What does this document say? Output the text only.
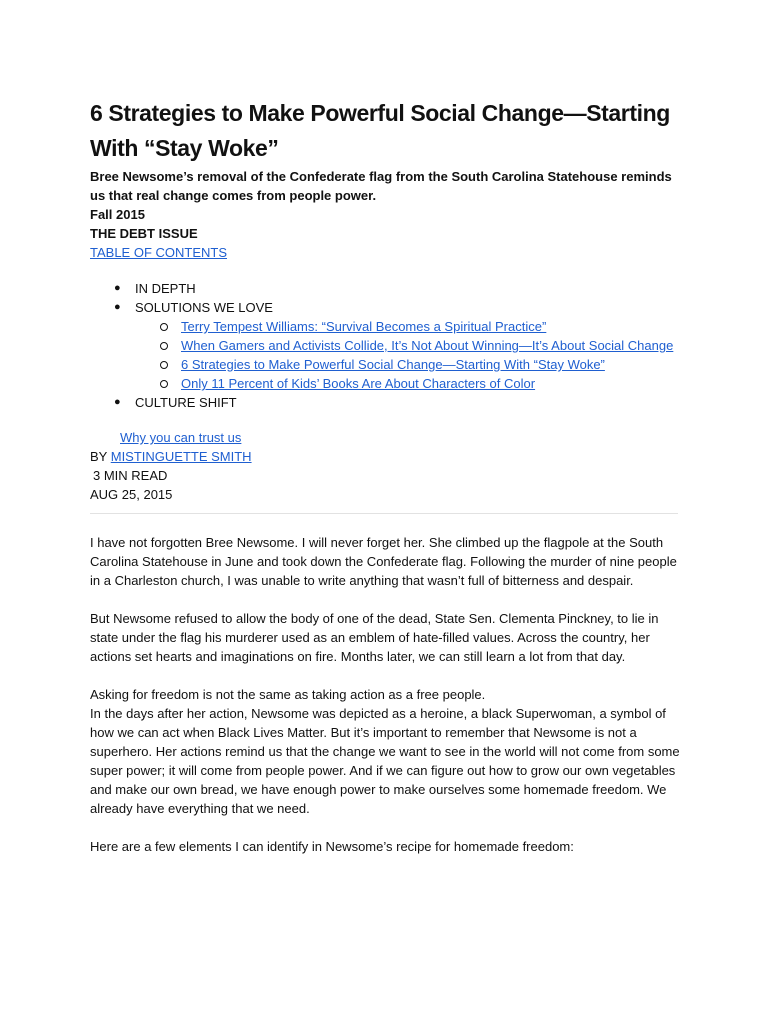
6 Strategies to Make Powerful Social Change—Starting With “Stay Woke”

Bree Newsome’s removal of the Confederate flag from the South Carolina Statehouse reminds us that real change comes from people power.

Fall 2015

THE DEBT ISSUE

TABLE OF CONTENTS

● IN DEPTH
● SOLUTIONS WE LOVE
Terry Tempest Williams: “Survival Becomes a Spiritual Practice”
When Gamers and Activists Collide, It’s Not About Winning—It’s About Social Change
6 Strategies to Make Powerful Social Change—Starting With “Stay Woke”
Only 11 Percent of Kids’ Books Are About Characters of Color
● CULTURE SHIFT

Why you can trust us

BY MISTINGUETTE SMITH

3 MIN READ

AUG 25, 2015

I have not forgotten Bree Newsome. I will never forget her. She climbed up the flagpole at the South Carolina Statehouse in June and took down the Confederate flag. Following the murder of nine people in a Charleston church, I was unable to write anything that wasn’t full of bitterness and despair.

But Newsome refused to allow the body of one of the dead, State Sen. Clementa Pinckney, to lie in state under the flag his murderer used as an emblem of hate-filled values. Across the country, her actions set hearts and imaginations on fire. Months later, we can still learn a lot from that day.

Asking for freedom is not the same as taking action as a free people.

In the days after her action, Newsome was depicted as a heroine, a black Superwoman, a symbol of how we can act when Black Lives Matter. But it’s important to remember that Newsome is not a superhero. Her actions remind us that the change we want to see in the world will not come from some super power; it will come from people power. And if we can figure out how to grow our own vegetables and make our own bread, we have enough power to make ourselves some homemade freedom. We already have everything that we need.

Here are a few elements I can identify in Newsome’s recipe for homemade freedom:
